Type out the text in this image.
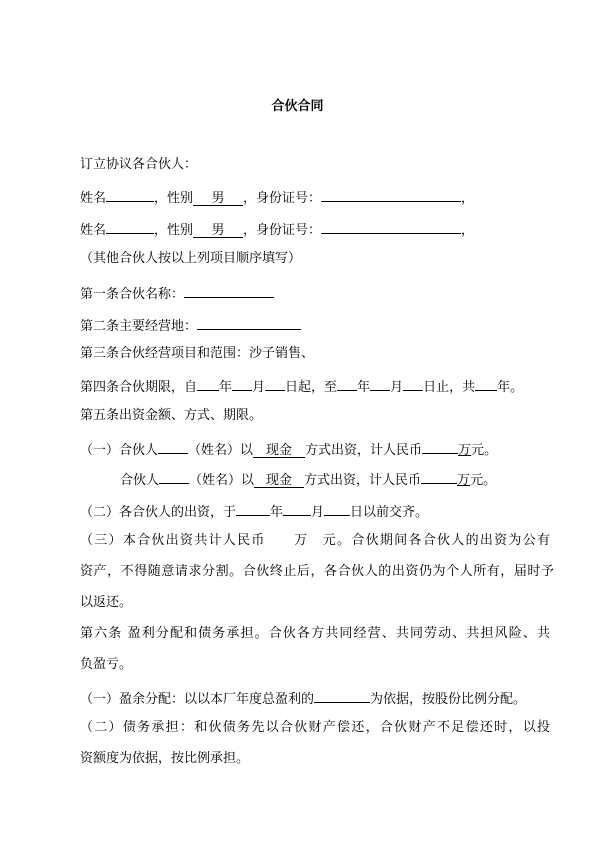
合伙合同
订立协议各合伙人：
姓名	，性别 男 ，身份证号：	，
姓名	，性别 男 ，身份证号：	，
（其他合伙人按以上列项目顺序填写）
第一条合伙名称：
第二条主要经营地：
第三条合伙经营项目和范围：沙子销售、
第四条合伙期限，自 年 月 日起，至 年 月 日止，共 年。
第五条出资金额、方式、期限。
（一）合伙人 （姓名）以 现金 方式出资，计人民币	万元。
合伙人 （姓名）以 现金 方式出资，计人民币	万元。
（二）各合伙人的出资，于	年 月 日以前交齐。
（三）本合伙出资共计人民币　　万　元。合伙期间各合伙人的出资为公有
资产，不得随意请求分割。合伙终止后，各合伙人的出资仍为个人所有，届时予
以返还。
第六条 盈利分配和债务承担。合伙各方共同经营、共同劳动、共担风险、共
负盈亏。
（一）盈余分配：以以本厂年度总盈利的	为依据，按股份比例分配。
（二）债务承担：和伙债务先以合伙财产偿还，合伙财产不足偿还时，以投
资额度为依据，按比例承担。
